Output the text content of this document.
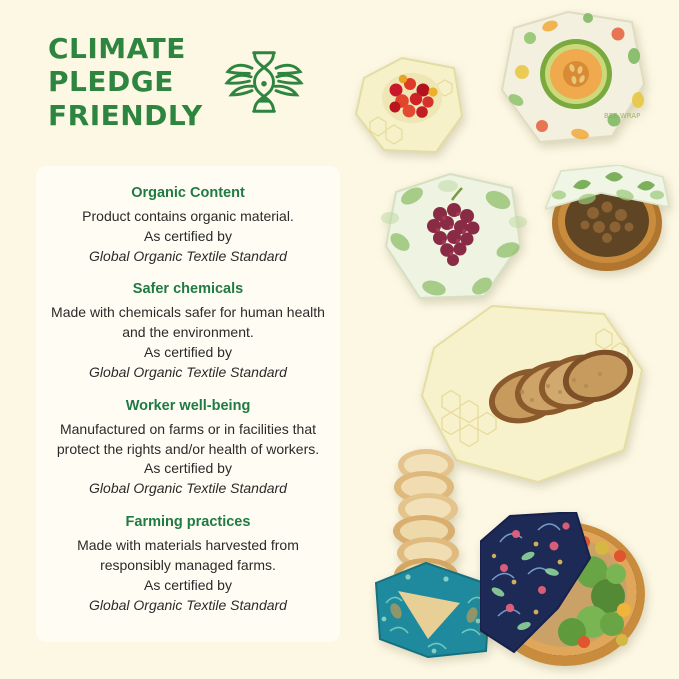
CLIMATE
PLEDGE
FRIENDLY
Organic Content
Product contains organic material.
As certified by
Global Organic Textile Standard
Safer chemicals
Made with chemicals safer for human health and the environment.
As certified by
Global Organic Textile Standard
Worker well-being
Manufactured on farms or in facilities that protect the rights and/or health of workers.
As certified by
Global Organic Textile Standard
Farming practices
Made with materials harvested from responsibly managed farms.
As certified by
Global Organic Textile Standard
BEE WRAP
